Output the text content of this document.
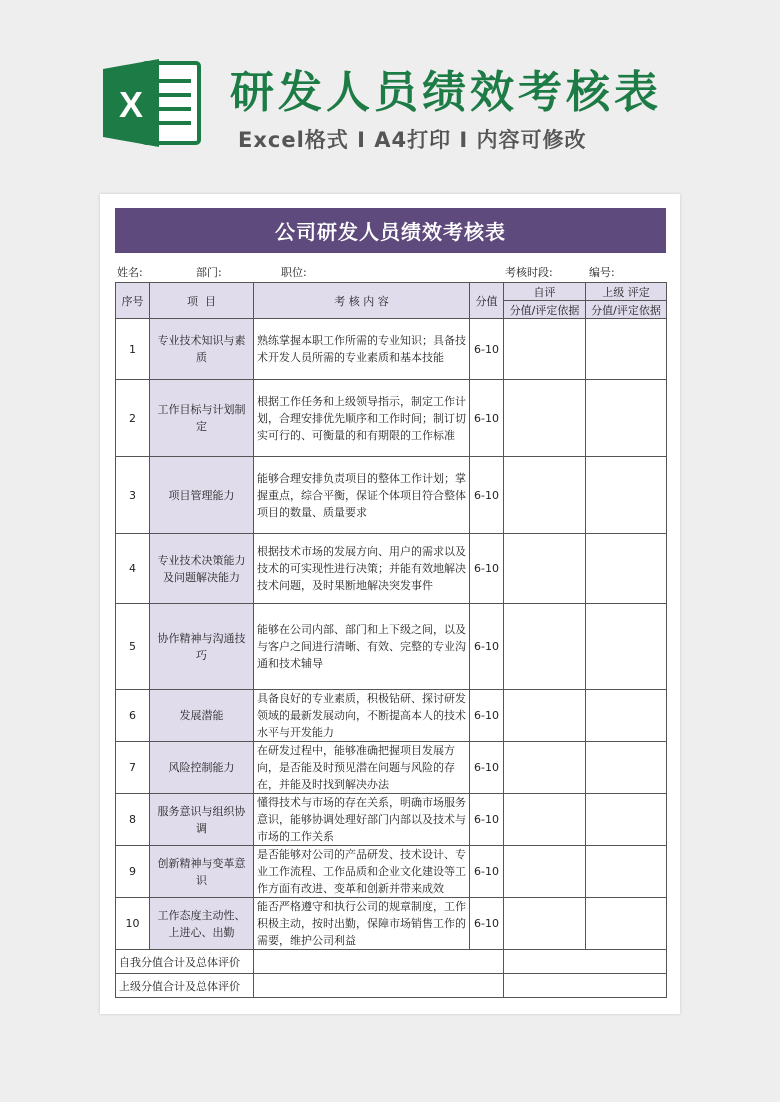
X 研发人员绩效考核表
Excel格式 I A4打印 I 内容可修改
公司研发人员绩效考核表
姓名:	部门:	职位:	考核时段:	编号:
序号	项  目	考 核 内 容	分值	自评	上级 评定
				分值/评定依据	分值/评定依据
1	专业技术知识与素质	熟练掌握本职工作所需的专业知识；具备技术开发人员所需的专业素质和基本技能	6-10		
2	工作目标与计划制定	根据工作任务和上级领导指示，制定工作计划，合理安排优先顺序和工作时间；制订切实可行的、可衡量的和有期限的工作标准	6-10		
3	项目管理能力	能够合理安排负责项目的整体工作计划；掌握重点，综合平衡，保证个体项目符合整体项目的数量、质量要求	6-10		
4	专业技术决策能力及问题解决能力	根据技术市场的发展方向、用户的需求以及技术的可实现性进行决策；并能有效地解决技术问题，及时果断地解决突发事件	6-10		
5	协作精神与沟通技巧	能够在公司内部、部门和上下级之间，以及与客户之间进行清晰、有效、完整的专业沟通和技术辅导	6-10		
6	发展潜能	具备良好的专业素质，积极钻研、探讨研发领域的最新发展动向，不断提高本人的技术水平与开发能力	6-10		
7	风险控制能力	在研发过程中，能够准确把握项目发展方向，是否能及时预见潜在问题与风险的存在，并能及时找到解决办法	6-10		
8	服务意识与组织协调	懂得技术与市场的存在关系，明确市场服务意识，能够协调处理好部门内部以及技术与市场的工作关系	6-10		
9	创新精神与变革意识	是否能够对公司的产品研发、技术设计、专业工作流程、工作品质和企业文化建设等工作方面有改进、变革和创新并带来成效	6-10		
10	工作态度主动性、上进心、出勤	能否严格遵守和执行公司的规章制度，工作积极主动，按时出勤，保障市场销售工作的需要，维护公司利益	6-10		
自我分值合计及总体评价					
上级分值合计及总体评价					
